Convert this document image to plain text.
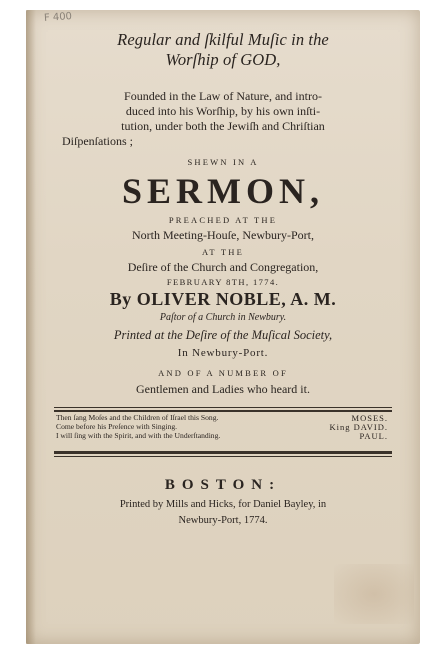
F 400
Regular and ſkilful Muſic in the
Worſhip of GOD,
Founded in the Law of Nature, and intro-
duced into his Worſhip, by his own inſti-
tution, under both the Jewiſh and Chriſtian
Diſpenſations ;
SHEWN IN A
SERMON,
PREACHED AT THE
North Meeting-Houſe, Newbury-Port,
AT THE
Deſire of the Church and Congregation,
FEBRUARY 8TH, 1774.
By OLIVER NOBLE, A. M.
Paſtor of a Church in Newbury.
Printed at the Deſire of the Muſical Society,
In Newbury-Port.
AND OF A NUMBER OF
Gentlemen and Ladies who heard it.
Then ſang Moſes and the Children of Iſrael this Song.
Come before his Preſence with Singing.
I will ſing with the Spirit, and with the Underſtanding.
MOSES.
King DAVID.
PAUL.
BOSTON:
Printed by Mills and Hicks, for Daniel Bayley, in
Newbury-Port, 1774.
